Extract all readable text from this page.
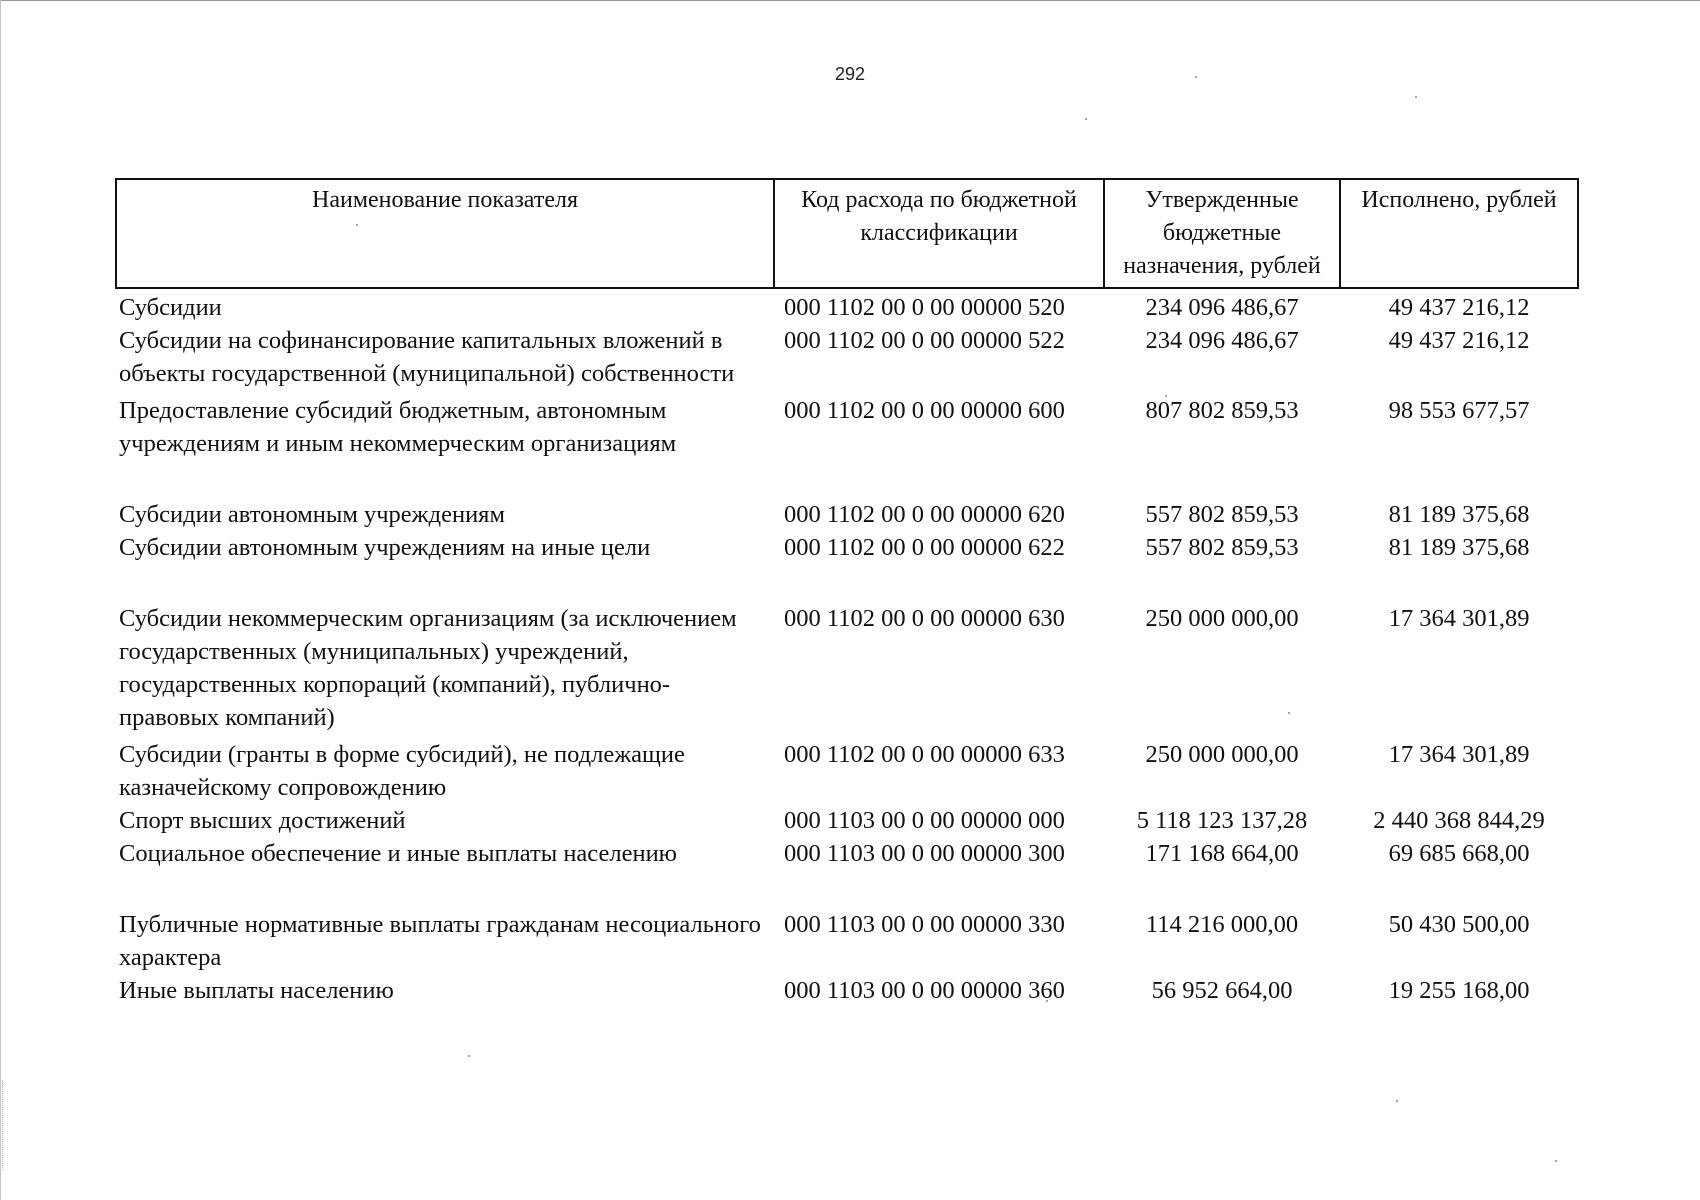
292
Наименование показателя	Код расхода по бюджетной классификации	Утвержденные бюджетные назначения, рублей	Исполнено, рублей
Субсидии	000 1102 00 0 00 00000 520	234 096 486,67	49 437 216,12
Субсидии на софинансирование капитальных вложений в объекты государственной (муниципальной) собственности	000 1102 00 0 00 00000 522	234 096 486,67	49 437 216,12
Предоставление субсидий бюджетным, автономным учреждениям и иным некоммерческим организациям	000 1102 00 0 00 00000 600	807 802 859,53	98 553 677,57
Субсидии автономным учреждениям	000 1102 00 0 00 00000 620	557 802 859,53	81 189 375,68
Субсидии автономным учреждениям на иные цели	000 1102 00 0 00 00000 622	557 802 859,53	81 189 375,68
Субсидии некоммерческим организациям (за исключением государственных (муниципальных) учреждений, государственных корпораций (компаний), публично-правовых компаний)	000 1102 00 0 00 00000 630	250 000 000,00	17 364 301,89
Субсидии (гранты в форме субсидий), не подлежащие казначейскому сопровождению	000 1102 00 0 00 00000 633	250 000 000,00	17 364 301,89
Спорт высших достижений	000 1103 00 0 00 00000 000	5 118 123 137,28	2 440 368 844,29
Социальное обеспечение и иные выплаты населению	000 1103 00 0 00 00000 300	171 168 664,00	69 685 668,00
Публичные нормативные выплаты гражданам несоциального характера	000 1103 00 0 00 00000 330	114 216 000,00	50 430 500,00
Иные выплаты населению	000 1103 00 0 00 00000 360	56 952 664,00	19 255 168,00
